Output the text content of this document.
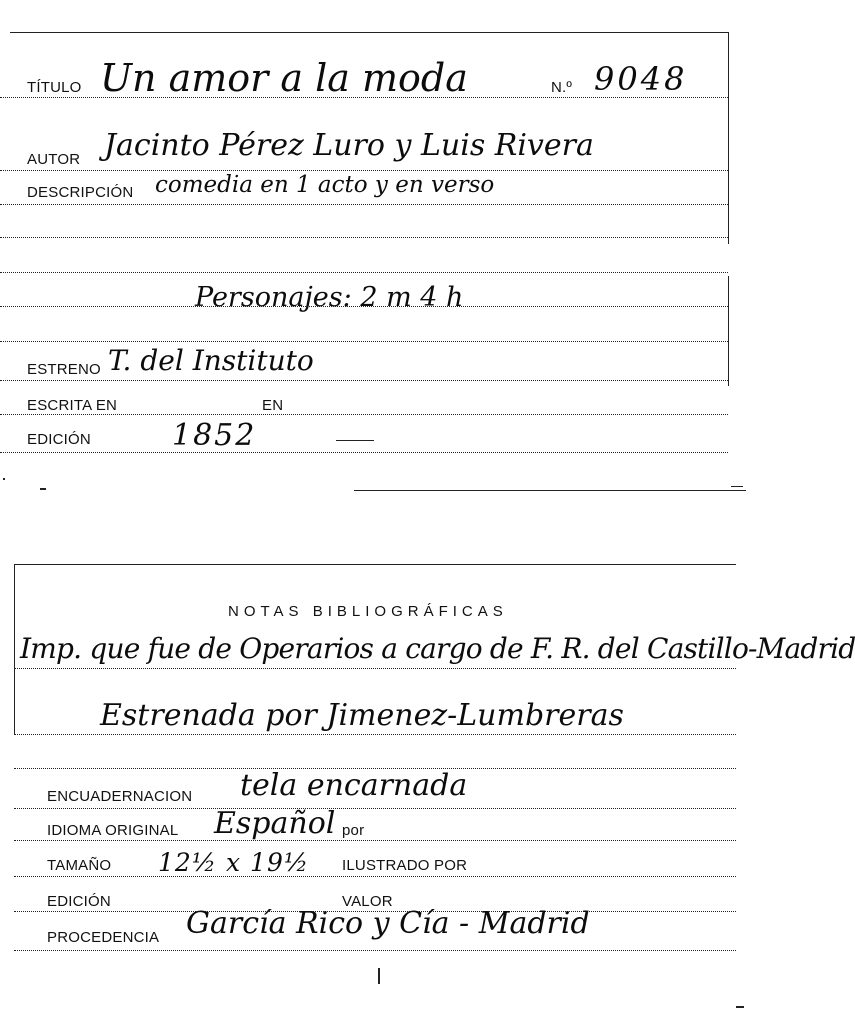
TÍTULO Un amor a la moda	N.º 9048
AUTOR Jacinto Pérez Luro y Luis Rivera
DESCRIPCIÓN comedia en 1 acto y en verso
Personajes: 2 m 4 h
ESTRENO T. del Instituto
ESCRITA EN	EN
EDICIÓN	1852
NOTAS BIBLIOGRÁFICAS
Imp. que fue de Operarios a cargo de F. R. del Castillo-Madrid
Estrenada por Jimenez-Lumbreras
ENCUADERNACION tela encarnada
IDIOMA ORIGINAL Español por
TAMAÑO 12½ x 19½ ILUSTRADO POR
EDICIÓN	VALOR
PROCEDENCIA García Rico y Cía - Madrid
